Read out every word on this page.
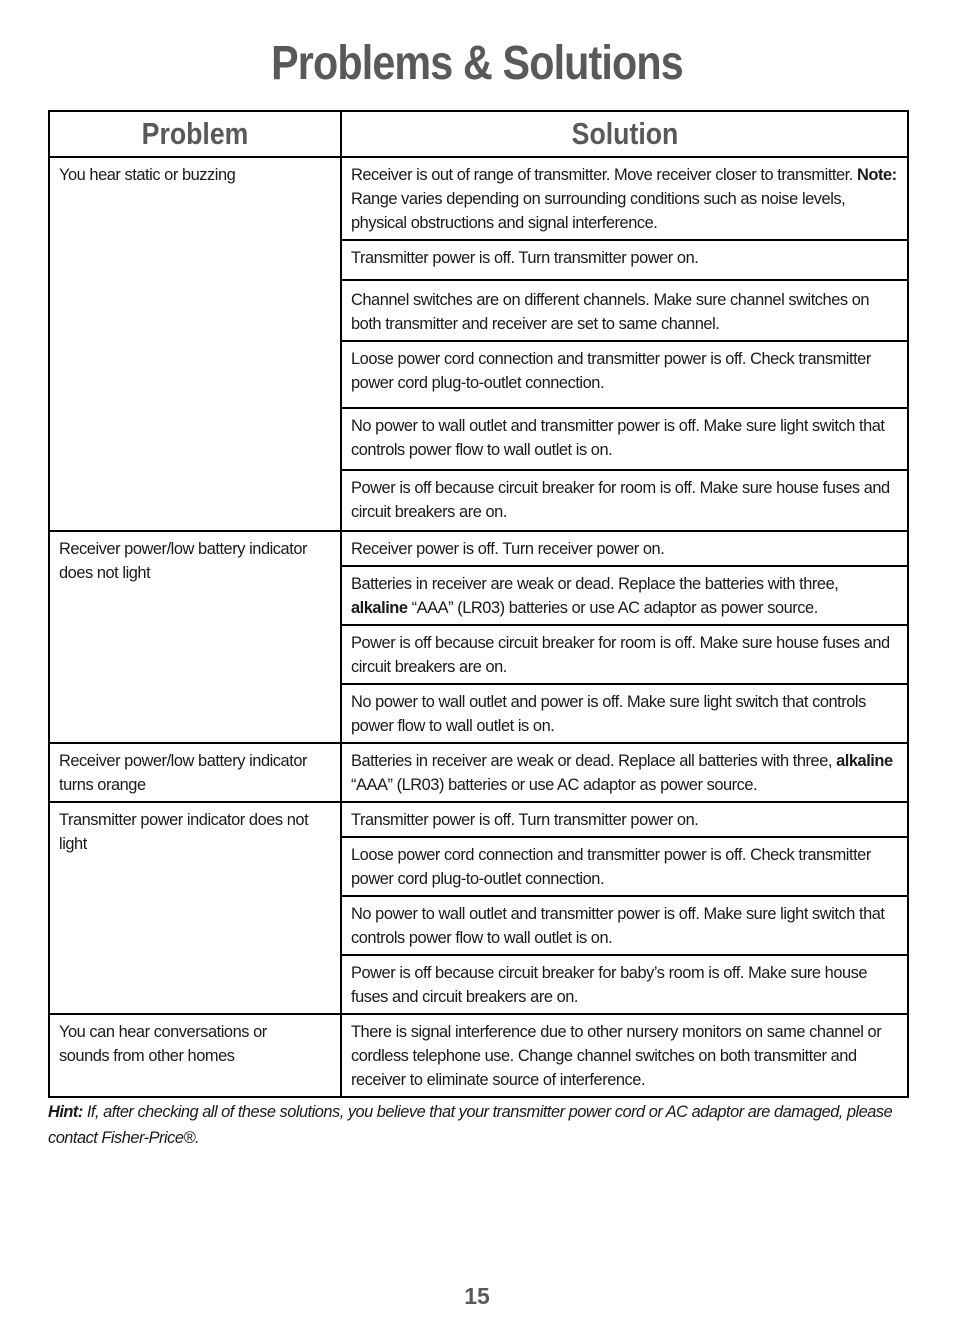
Problems & Solutions
Problem	Solution
You hear static or buzzing	Receiver is out of range of transmitter. Move receiver closer to transmitter. Note: Range varies depending on surrounding conditions such as noise levels, physical obstructions and signal interference.
	Transmitter power is off. Turn transmitter power on.
	Channel switches are on different channels. Make sure channel switches on both transmitter and receiver are set to same channel.
	Loose power cord connection and transmitter power is off. Check transmitter power cord plug-to-outlet connection.
	No power to wall outlet and transmitter power is off. Make sure light switch that controls power flow to wall outlet is on.
	Power is off because circuit breaker for room is off. Make sure house fuses and circuit breakers are on.
Receiver power/low battery indicator does not light	Receiver power is off. Turn receiver power on.
	Batteries in receiver are weak or dead. Replace the batteries with three, alkaline “AAA” (LR03) batteries or use AC adaptor as power source.
	Power is off because circuit breaker for room is off. Make sure house fuses and circuit breakers are on.
	No power to wall outlet and power is off. Make sure light switch that controls power flow to wall outlet is on.
Receiver power/low battery indicator turns orange	Batteries in receiver are weak or dead. Replace all batteries with three, alkaline “AAA” (LR03) batteries or use AC adaptor as power source.
Transmitter power indicator does not light	Transmitter power is off. Turn transmitter power on.
	Loose power cord connection and transmitter power is off. Check transmitter power cord plug-to-outlet connection.
	No power to wall outlet and transmitter power is off. Make sure light switch that controls power flow to wall outlet is on.
	Power is off because circuit breaker for baby’s room is off. Make sure house fuses and circuit breakers are on.
You can hear conversations or sounds from other homes	There is signal interference due to other nursery monitors on same channel or cordless telephone use. Change channel switches on both transmitter and receiver to eliminate source of interference.
Hint: If, after checking all of these solutions, you believe that your transmitter power cord or AC adaptor are damaged, please contact Fisher-Price®.
15
